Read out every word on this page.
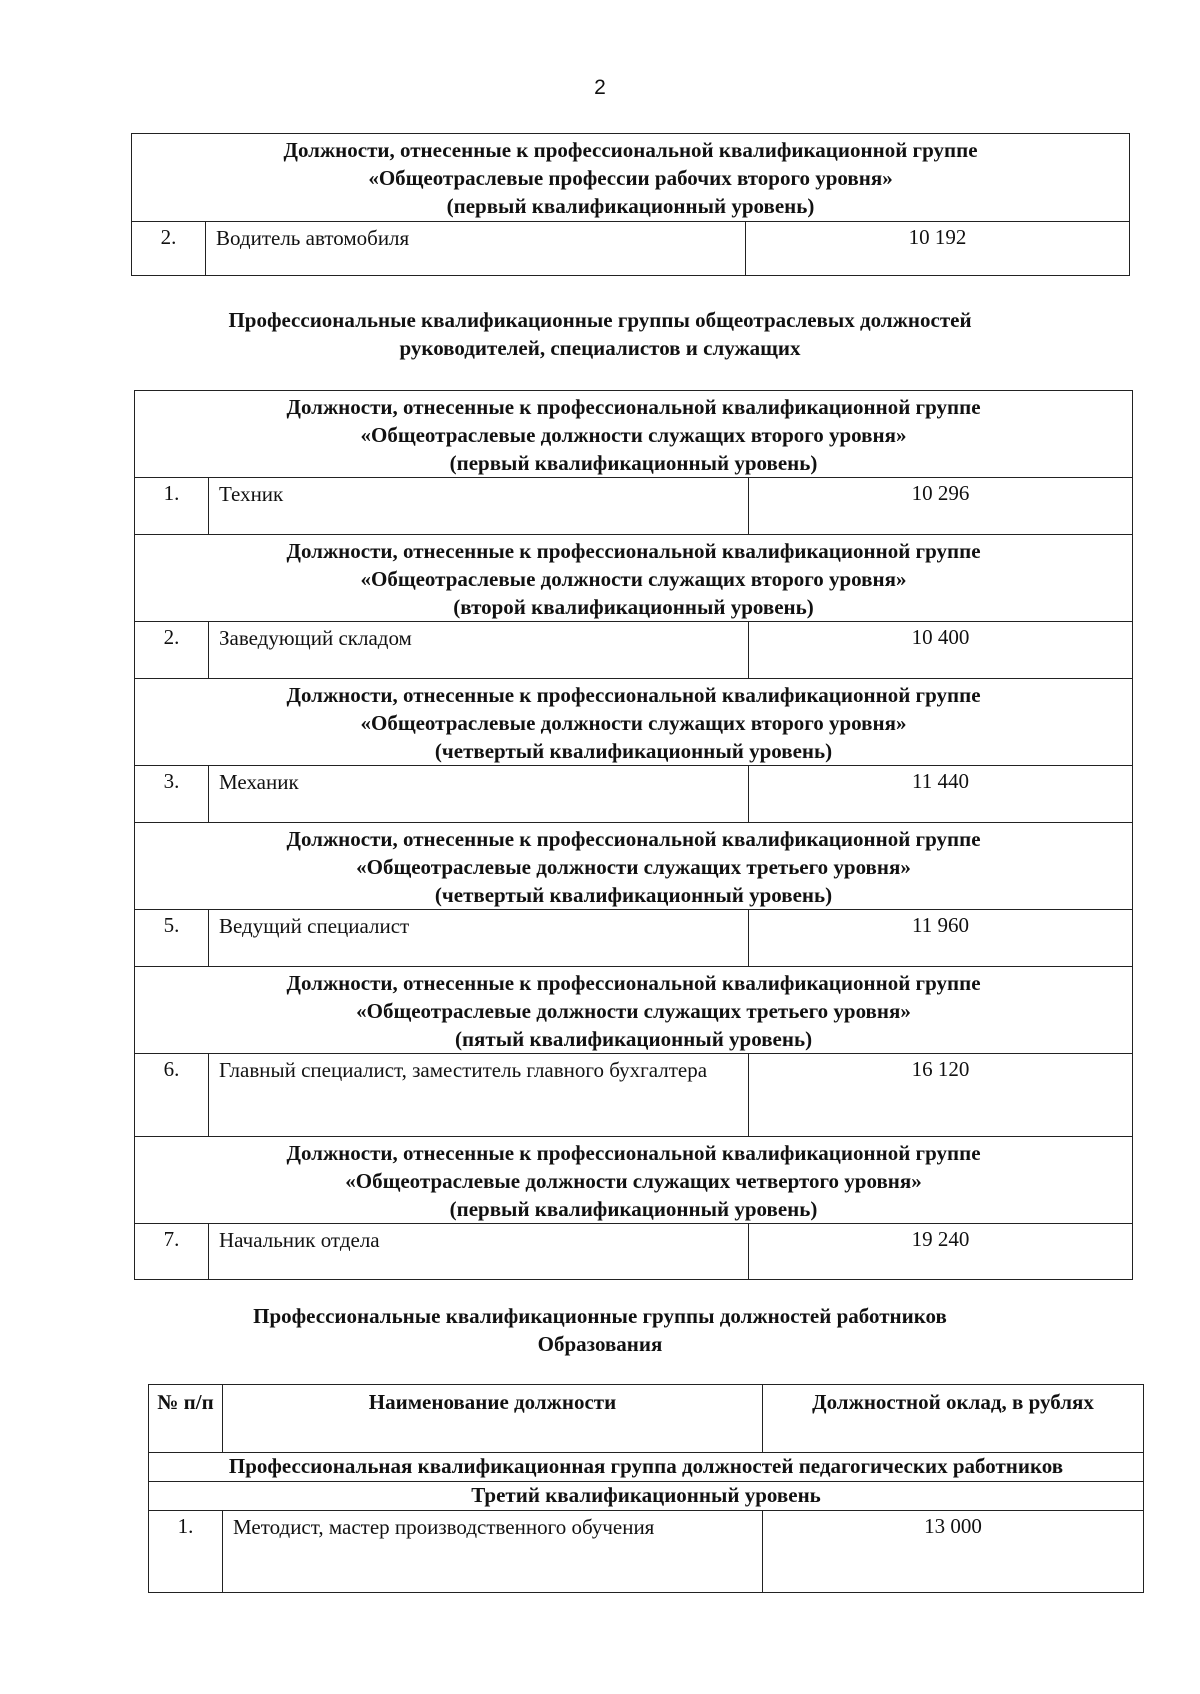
2
Должности, отнесенные к профессиональной квалификационной группе
«Общеотраслевые профессии рабочих второго уровня»
(первый квалификационный уровень)

2.	Водитель автомобиля	10 192
Профессиональные квалификационные группы общеотраслевых должностей
руководителей, специалистов и служащих
Должности, отнесенные к профессиональной квалификационной группе
«Общеотраслевые должности служащих второго уровня»
(первый квалификационный уровень)		

1.	Техник	10 296

Должности, отнесенные к профессиональной квалификационной группе
«Общеотраслевые должности служащих второго уровня»
(второй квалификационный уровень)		

2.	Заведующий складом	10 400

Должности, отнесенные к профессиональной квалификационной группе
«Общеотраслевые должности служащих второго уровня»
(четвертый квалификационный уровень)		

3.	Механик	11 440

Должности, отнесенные к профессиональной квалификационной группе
«Общеотраслевые должности служащих третьего уровня»
(четвертый квалификационный уровень)		

5.	Ведущий специалист	11 960

Должности, отнесенные к профессиональной квалификационной группе
«Общеотраслевые должности служащих третьего уровня»
(пятый квалификационный уровень)		

6.	Главный специалист, заместитель главного бухгалтера	16 120

Должности, отнесенные к профессиональной квалификационной группе
«Общеотраслевые должности служащих четвертого уровня»
(первый квалификационный уровень)		

7.	Начальник отдела	19 240
Профессиональные квалификационные группы должностей работников
Образования
№ п/п	Наименование должности	Должностной оклад, в рублях
Профессиональная квалификационная группа должностей педагогических работников		
Третий квалификационный уровень		
1.	Методист, мастер производственного обучения	13 000
